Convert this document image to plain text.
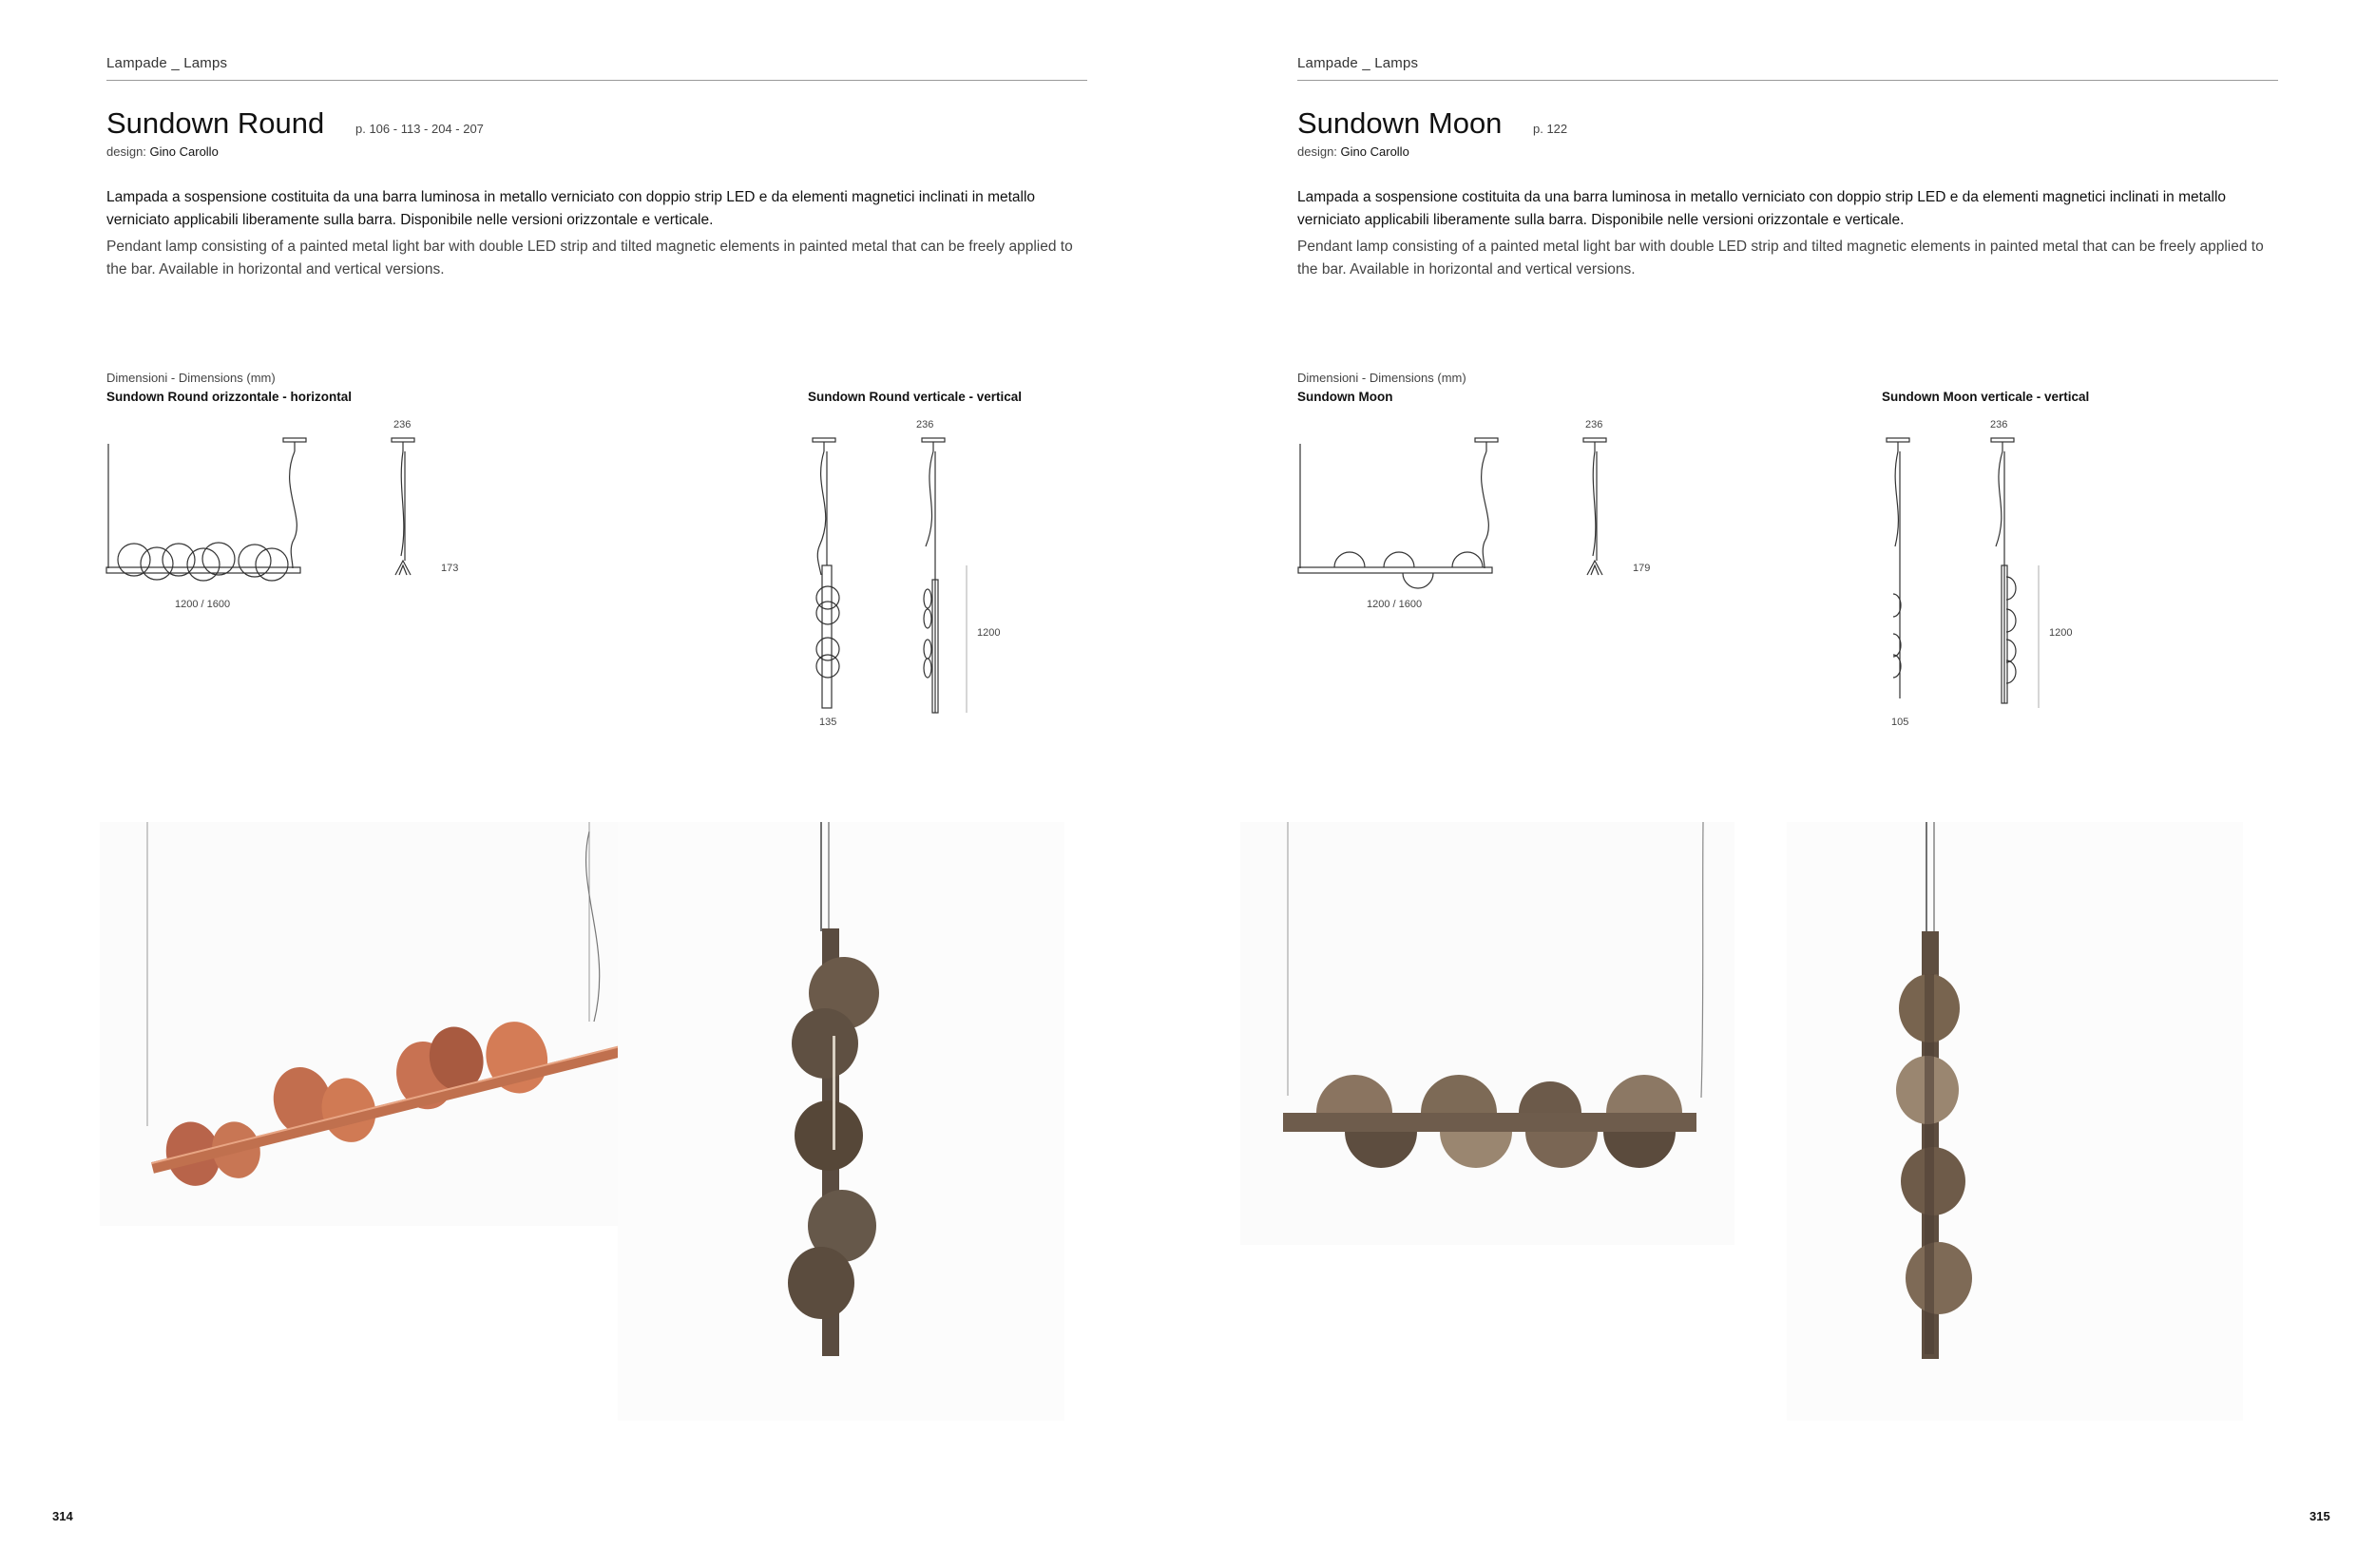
Lampade _ Lamps
Sundown Round	p. 106 - 113 - 204 - 207
design: Gino Carollo
Lampada a sospensione costituita da una barra luminosa in metallo verniciato con doppio strip LED e da elementi magnetici inclinati in metallo verniciato applicabili liberamente sulla barra. Disponibile nelle versioni orizzontale e verticale.
Pendant lamp consisting of a painted metal light bar with double LED strip and tilted magnetic elements in painted metal that can be freely applied to the bar. Available in horizontal and vertical versions.
Dimensioni - Dimensions (mm)
Sundown Round orizzontale - horizontal	Sundown Round verticale - vertical
1200 / 1600
236
173
236
1200
135
314
Lampade _ Lamps
Sundown Moon	p. 122
design: Gino Carollo
Lampada a sospensione costituita da una barra luminosa in metallo verniciato con doppio strip LED e da elementi magnetici inclinati in metallo verniciato applicabili liberamente sulla barra. Disponibile nelle versioni orizzontale e verticale.
Pendant lamp consisting of a painted metal light bar with double LED strip and tilted magnetic elements in painted metal that can be freely applied to the bar. Available in horizontal and vertical versions.
Dimensioni - Dimensions (mm)
Sundown Moon	Sundown Moon verticale - vertical
1200 / 1600
236
179
236
1200
105
315
